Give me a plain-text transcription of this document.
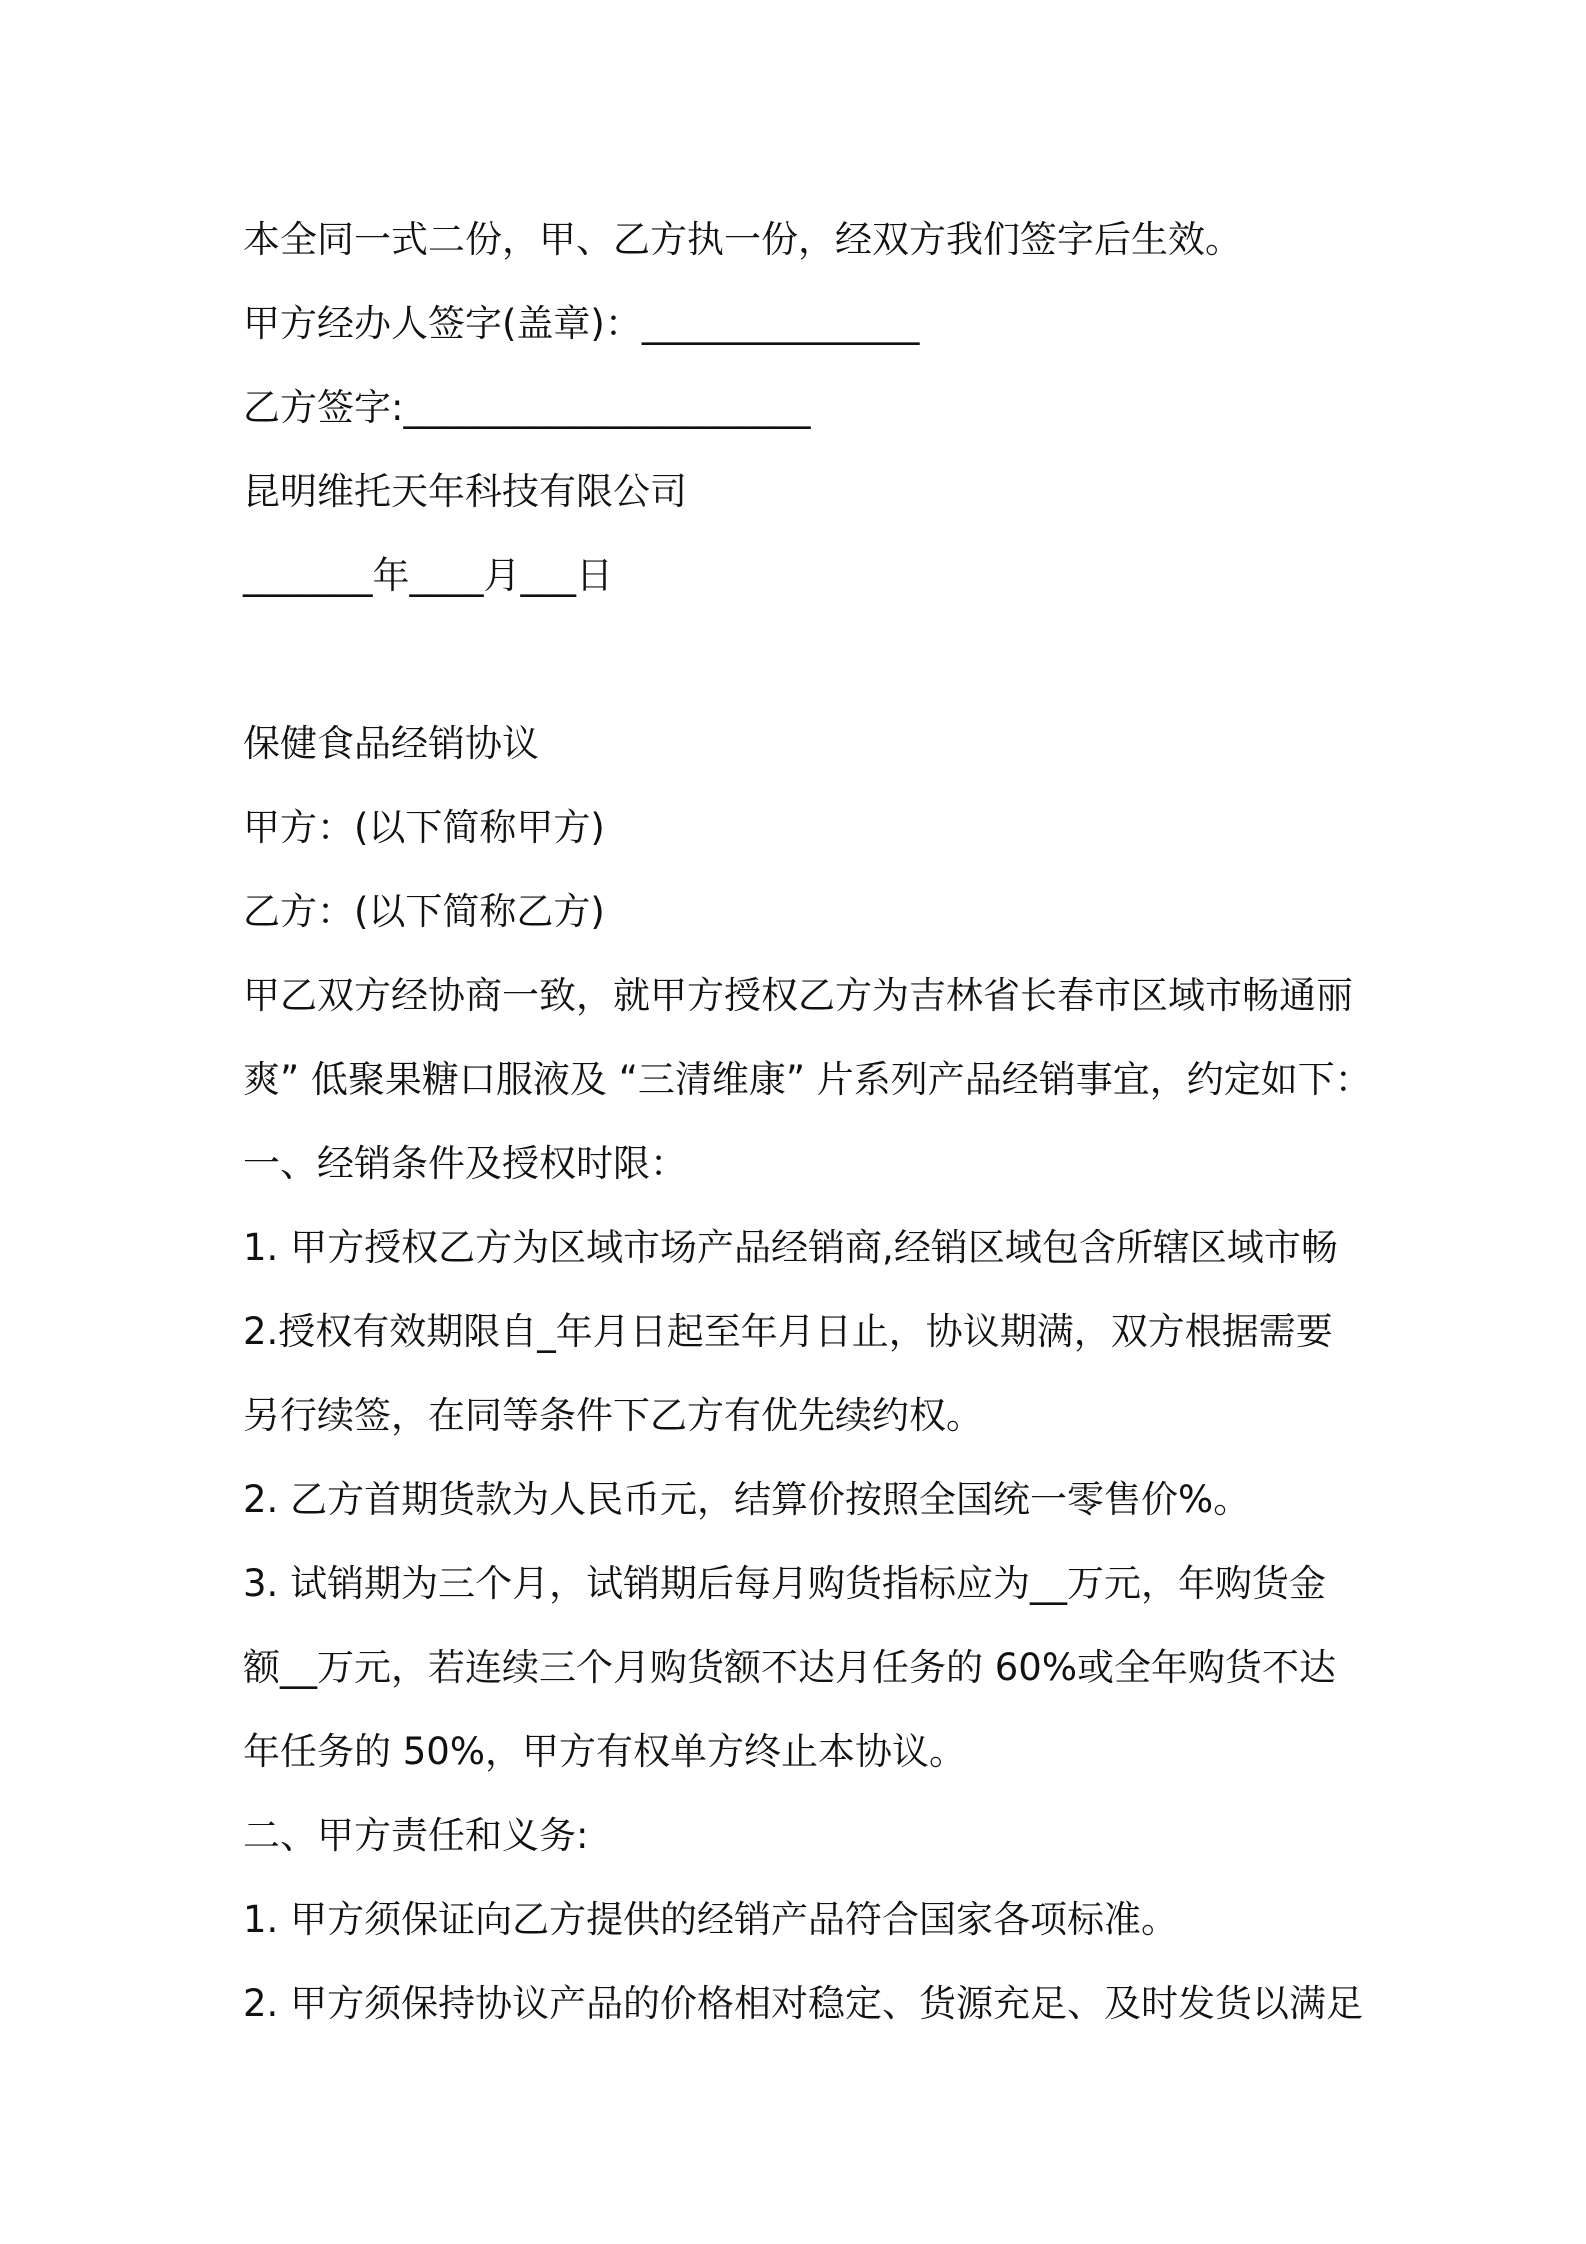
本全同一式二份，甲、乙方执一份，经双方我们签字后生效。
甲方经办人签字(盖章)：_______________
乙方签字:______________________
昆明维托天年科技有限公司
_______年____月___日
保健食品经销协议
甲方：(以下简称甲方)
乙方：(以下简称乙方)
甲乙双方经协商一致，就甲方授权乙方为吉林省长春市区域市畅通丽
爽” 低聚果糖口服液及 “三清维康” 片系列产品经销事宜，约定如下：
一、经销条件及授权时限：
1. 甲方授权乙方为区域市场产品经销商,经销区域包含所辖区域市畅
2.授权有效期限自_年月日起至年月日止，协议期满，双方根据需要
另行续签，在同等条件下乙方有优先续约权。
2. 乙方首期货款为人民币元，结算价按照全国统一零售价%。
3. 试销期为三个月，试销期后每月购货指标应为__万元，年购货金
额__万元，若连续三个月购货额不达月任务的 60%或全年购货不达
年任务的 50%，甲方有权单方终止本协议。
二、甲方责任和义务:
1. 甲方须保证向乙方提供的经销产品符合国家各项标准。
2. 甲方须保持协议产品的价格相对稳定、货源充足、及时发货以满足
